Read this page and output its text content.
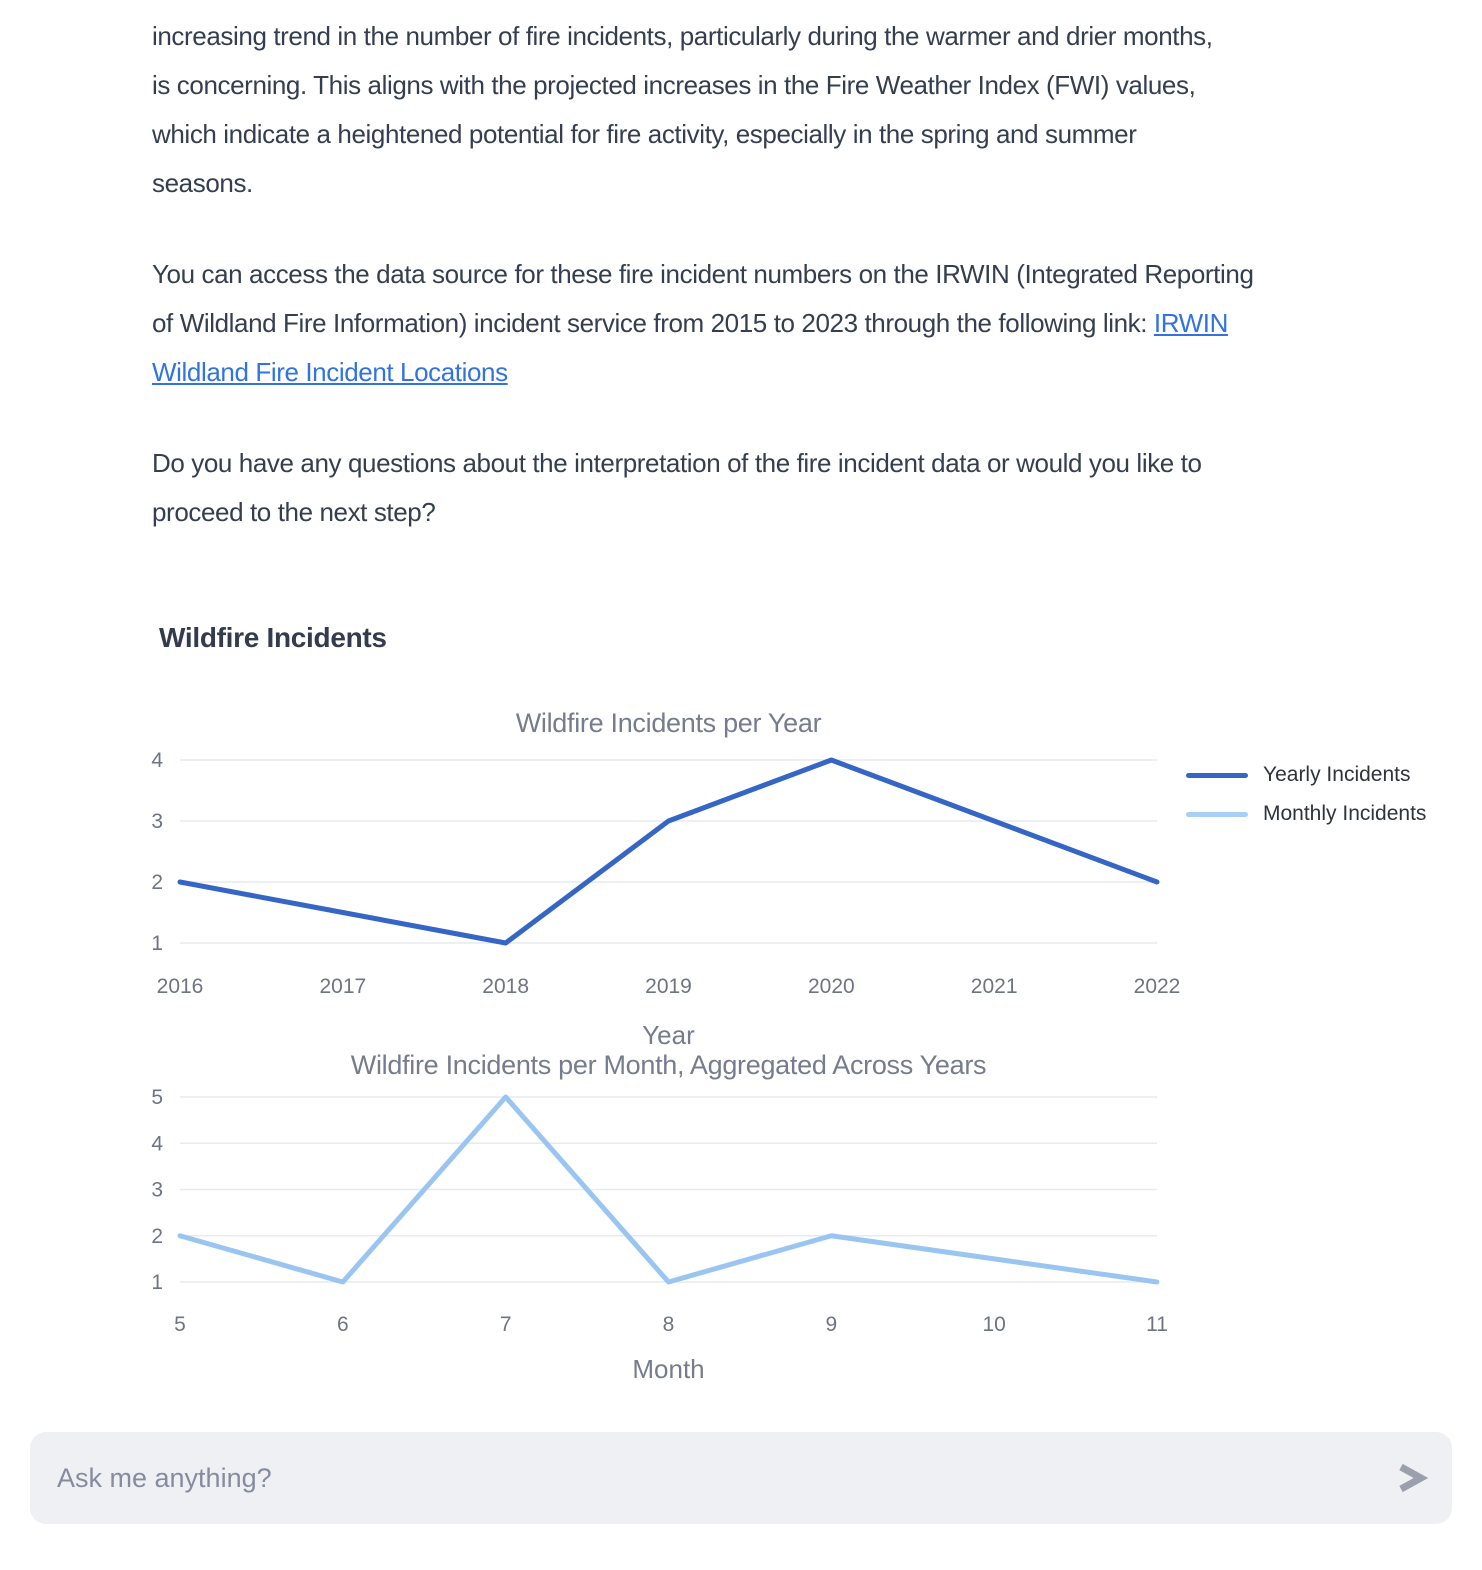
increasing trend in the number of fire incidents, particularly during the warmer and drier months,
is concerning. This aligns with the projected increases in the Fire Weather Index (FWI) values,
which indicate a heightened potential for fire activity, especially in the spring and summer
seasons.
You can access the data source for these fire incident numbers on the IRWIN (Integrated Reporting
of Wildland Fire Information) incident service from 2015 to 2023 through the following link: IRWIN
Wildland Fire Incident Locations
Do you have any questions about the interpretation of the fire incident data or would you like to
proceed to the next step?
Wildfire Incidents
Wildfire Incidents per Year
1
2
3
4
2016	2017	2018	2019	2020	2021	2022
Yearly Incidents
Monthly Incidents
Year
Wildfire Incidents per Month, Aggregated Across Years
1
2
3
4
5
5	6	7	8	9	10	11
Month
Ask me anything?
